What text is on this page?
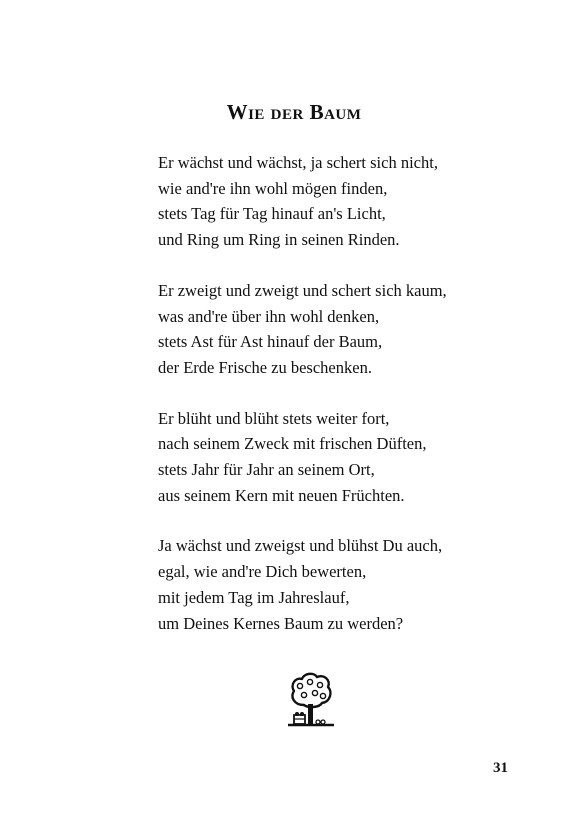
Wie der Baum
Er wächst und wächst, ja schert sich nicht,
wie and're ihn wohl mögen finden,
stets Tag für Tag hinauf an's Licht,
und Ring um Ring in seinen Rinden.
Er zweigt und zweigt und schert sich kaum,
was and're über ihn wohl denken,
stets Ast für Ast hinauf der Baum,
der Erde Frische zu beschenken.
Er blüht und blüht stets weiter fort,
nach seinem Zweck mit frischen Düften,
stets Jahr für Jahr an seinem Ort,
aus seinem Kern mit neuen Früchten.
Ja wächst und zweigst und blühst Du auch,
egal, wie and're Dich bewerten,
mit jedem Tag im Jahreslauf,
um Deines Kernes Baum zu werden?
31
